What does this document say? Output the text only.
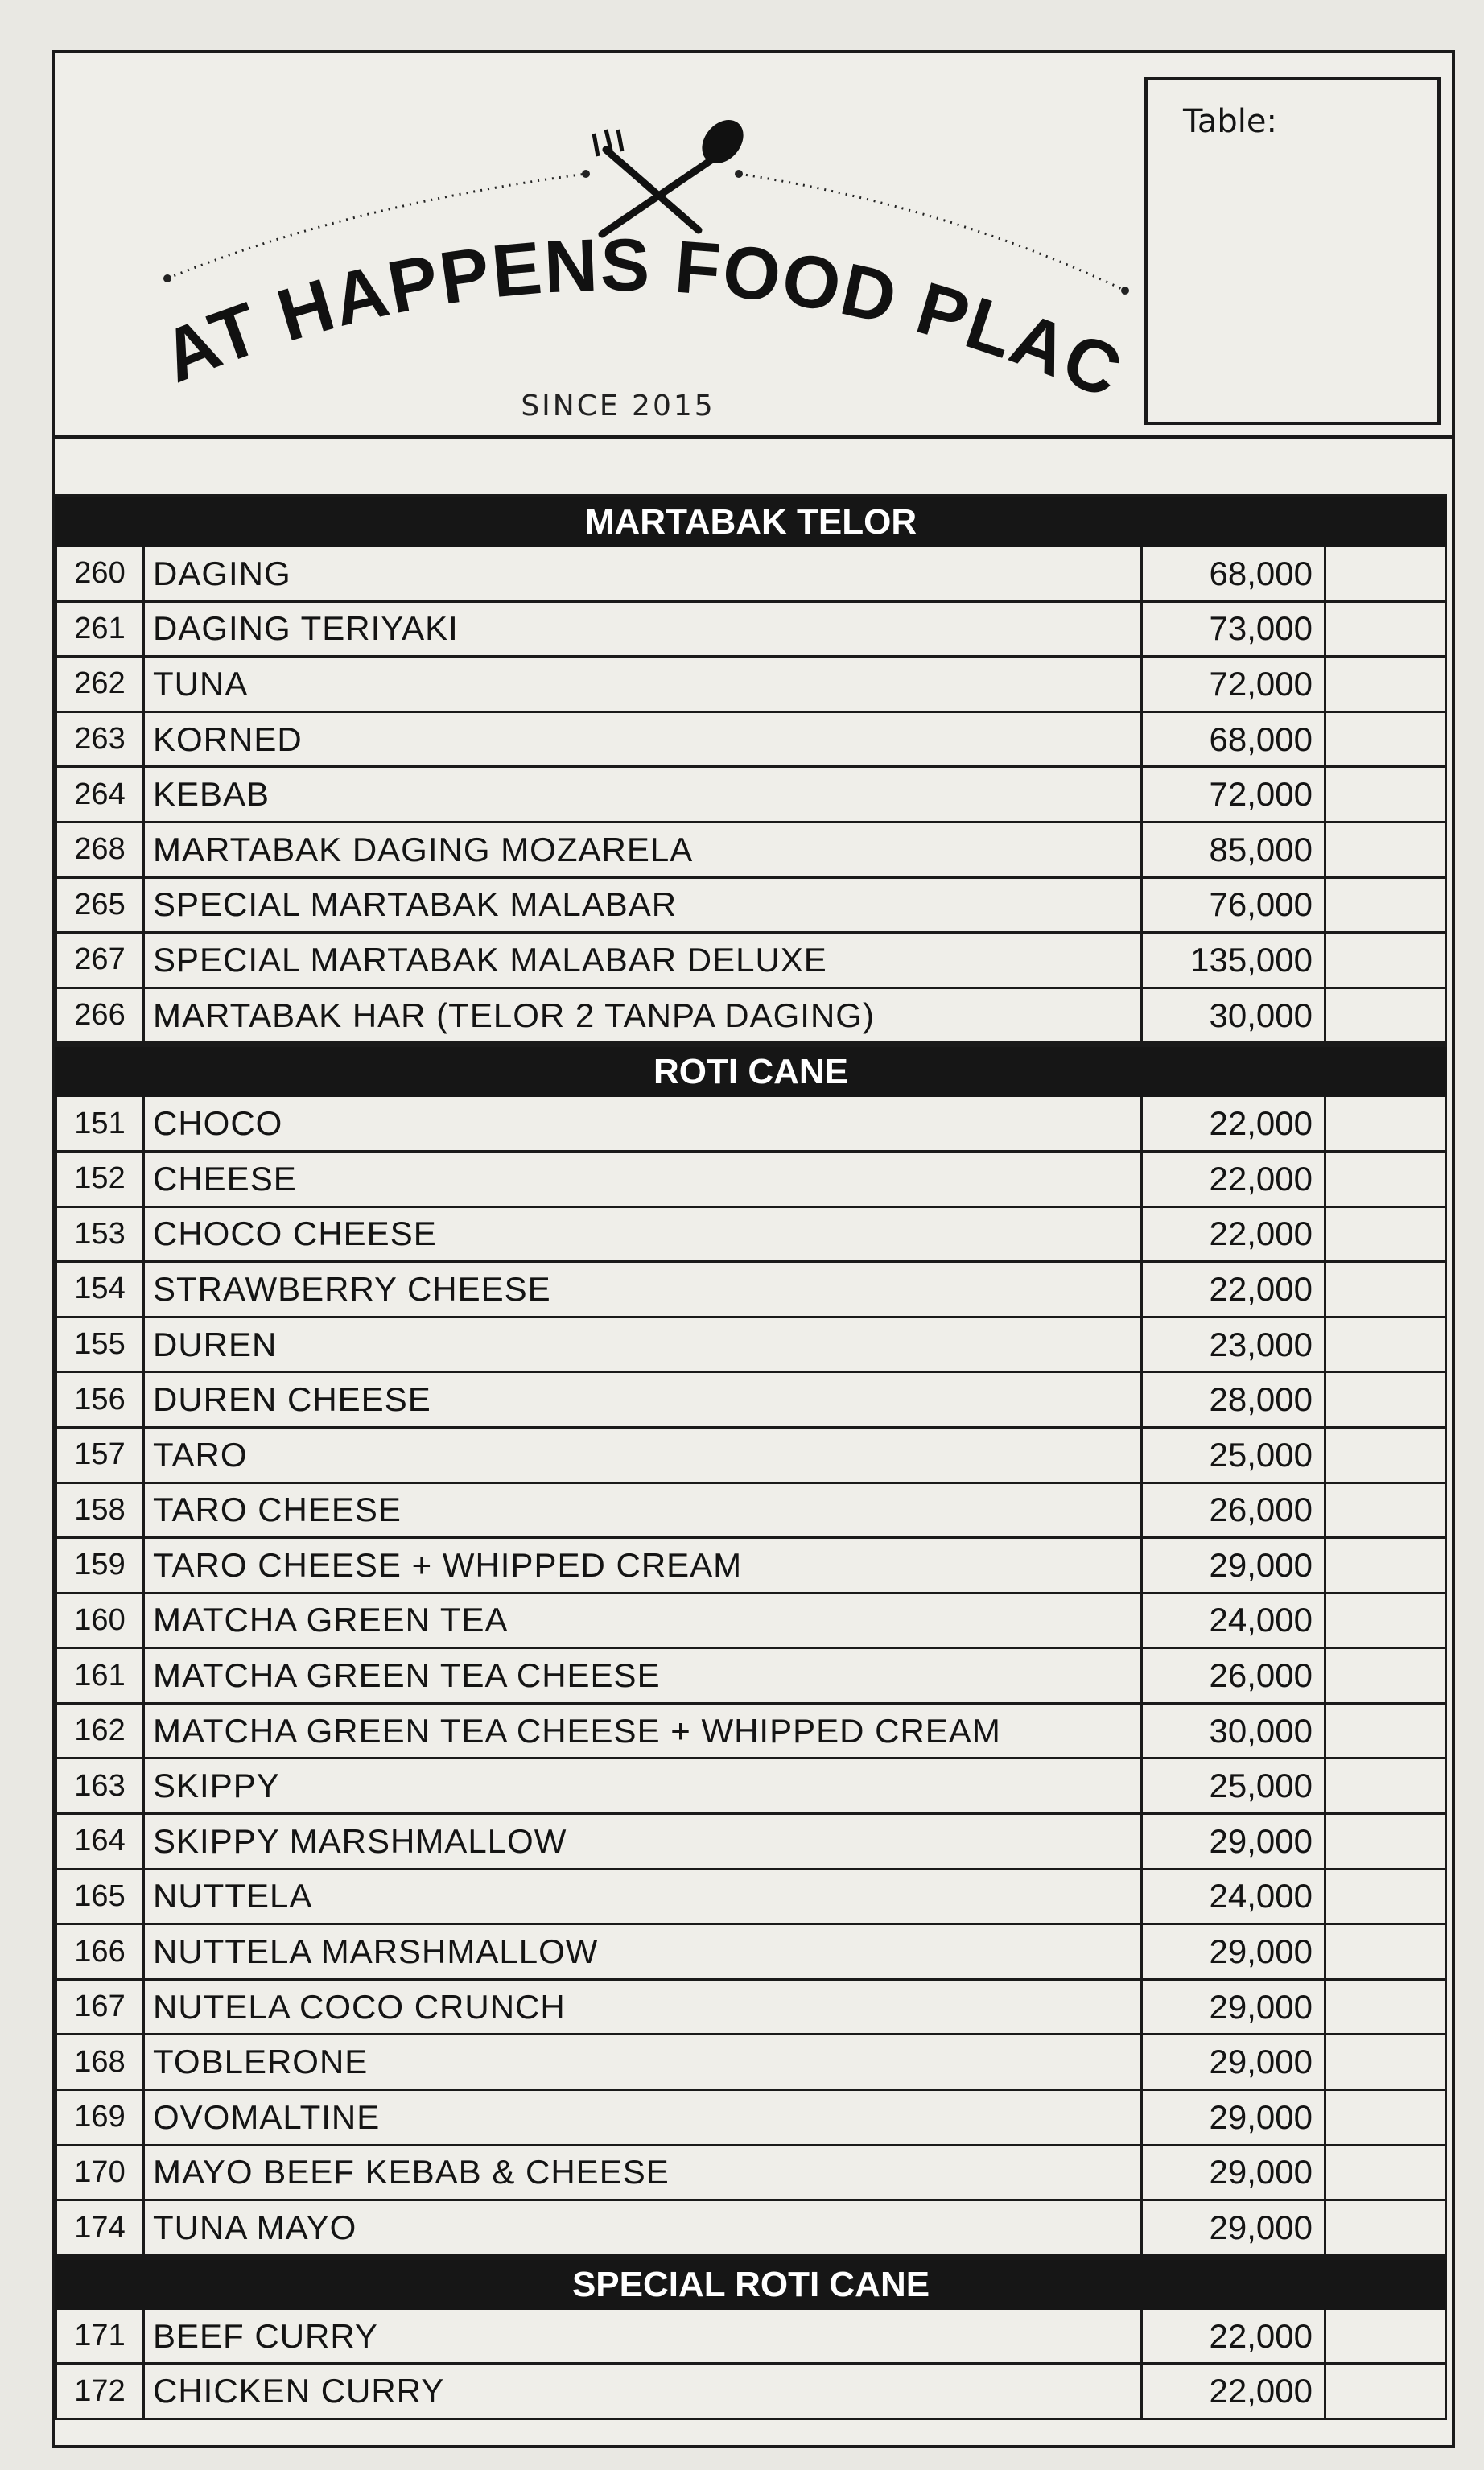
AT HAPPENS FOOD PLAC
SINCE 2015
Table:
MARTABAK TELOR
260 DAGING	68,000
261 DAGING TERIYAKI	73,000
262 TUNA	72,000
263 KORNED	68,000
264 KEBAB	72,000
268 MARTABAK DAGING MOZARELA	85,000
265 SPECIAL MARTABAK MALABAR	76,000
267 SPECIAL MARTABAK MALABAR DELUXE	135,000
266 MARTABAK HAR (TELOR 2 TANPA DAGING)	30,000
ROTI CANE
151 CHOCO	22,000
152 CHEESE	22,000
153 CHOCO CHEESE	22,000
154 STRAWBERRY CHEESE	22,000
155 DUREN	23,000
156 DUREN CHEESE	28,000
157 TARO	25,000
158 TARO CHEESE	26,000
159 TARO CHEESE + WHIPPED CREAM	29,000
160 MATCHA GREEN TEA	24,000
161 MATCHA GREEN TEA CHEESE	26,000
162 MATCHA GREEN TEA CHEESE + WHIPPED CREAM	30,000
163 SKIPPY	25,000
164 SKIPPY MARSHMALLOW	29,000
165 NUTTELA	24,000
166 NUTTELA MARSHMALLOW	29,000
167 NUTELA COCO CRUNCH	29,000
168 TOBLERONE	29,000
169 OVOMALTINE	29,000
170 MAYO BEEF KEBAB & CHEESE	29,000
174 TUNA MAYO	29,000
SPECIAL ROTI CANE
171 BEEF CURRY	22,000
172 CHICKEN CURRY	22,000
